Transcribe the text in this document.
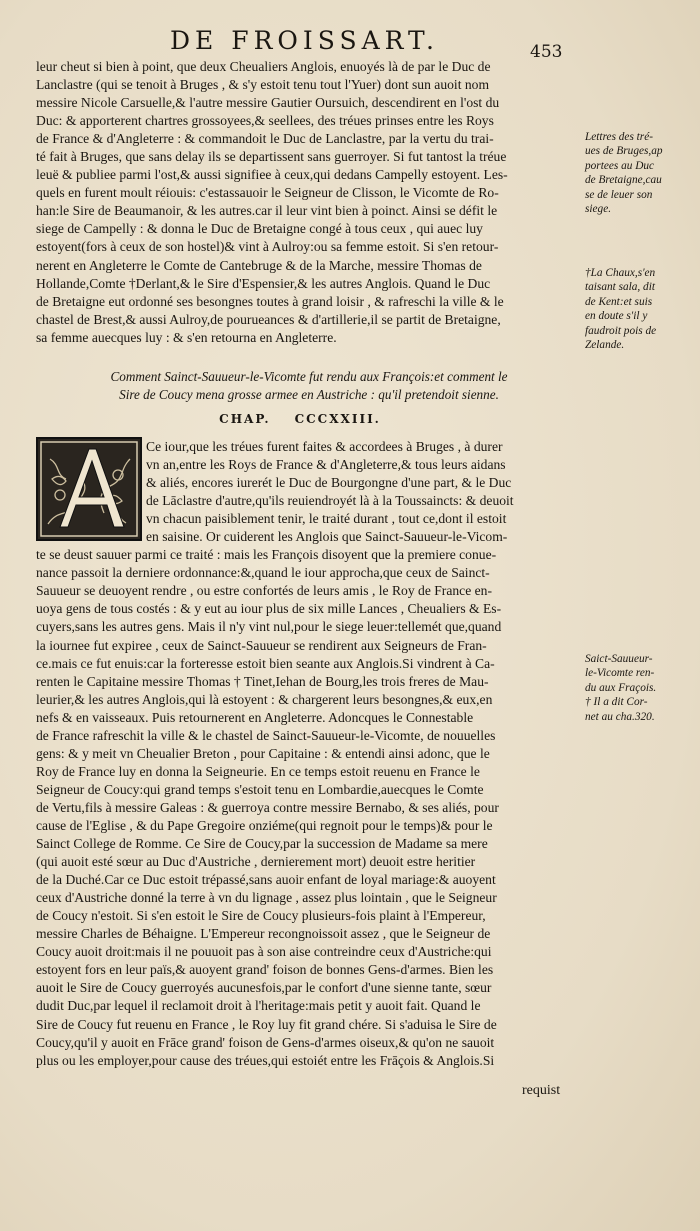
DE FROISSART.	453
leur cheut si bien à point, que deux Cheualiers Anglois, enuoyés là de par le Duc de
Lanclastre (qui se tenoit à Bruges , & s'y estoit tenu tout l'Yuer) dont sun auoit nom
messire Nicole Carsuelle,& l'autre messire Gautier Oursuich, descendirent en l'ost du
Duc: & apporterent chartres grossoyees,& seellees, des tréues prinses entre les Roys
de France & d'Angleterre : & commandoit le Duc de Lanclastre, par la vertu du trai-
té fait à Bruges, que sans delay ils se departissent sans guerroyer. Si fut tantost la tréue
leuë & publiee parmi l'ost,& aussi signifiee à ceux,qui dedans Campelly estoyent. Les-
quels en furent moult réiouis: c'estassauoir le Seigneur de Clisson, le Vicomte de Ro-
han:le Sire de Beaumanoir, & les autres.car il leur vint bien à poinct. Ainsi se défit le
siege de Campelly : & donna le Duc de Bretaigne congé à tous ceux , qui auec luy
estoyent(fors à ceux de son hostel)& vint à Aulroy:ou sa femme estoit. Si s'en retour-
nerent en Angleterre le Comte de Cantebruge & de la Marche, messire Thomas de
Hollande,Comte †Derlant,& le Sire d'Espensier,& les autres Anglois. Quand le Duc
de Bretaigne eut ordonné ses besongnes toutes à grand loisir , & rafreschi la ville & le
chastel de Brest,& aussi Aulroy,de pourueances & d'artillerie,il se partit de Bretaigne,
sa femme auecques luy : & s'en retourna en Angleterre.
Comment Sainct-Sauueur-le-Vicomte fut rendu aux François:et comment le
Sire de Coucy mena grosse armee en Austriche : qu'il pretendoit sienne.
CHAP. CCCXXIII.
Ce iour,que les tréues furent faites & accordees à Bruges , à durer
vn an,entre les Roys de France & d'Angleterre,& tous leurs aidans
& aliés, encores iurerét le Duc de Bourgongne d'une part, & le Duc
de Lāclastre d'autre,qu'ils reuiendroyét là à la Toussaincts: & deuoit
vn chacun paisiblement tenir, le traité durant , tout ce,dont il estoit
en saisine. Or cuiderent les Anglois que Sainct-Sauueur-le-Vicom-
te se deust sauuer parmi ce traité : mais les François disoyent que la premiere conue-
nance passoit la derniere ordonnance:&,quand le iour approcha,que ceux de Sainct-
Sauueur se deuoyent rendre , ou estre confortés de leurs amis , le Roy de France en-
uoya gens de tous costés : & y eut au iour plus de six mille Lances , Cheualiers & Es-
cuyers,sans les autres gens. Mais il n'y vint nul,pour le siege leuer:tellemét que,quand
la iournee fut expiree , ceux de Sainct-Sauueur se rendirent aux Seigneurs de Fran-
ce.mais ce fut enuis:car la forteresse estoit bien seante aux Anglois.Si vindrent à Ca-
renten le Capitaine messire Thomas † Tinet,Iehan de Bourg,les trois freres de Mau-
leurier,& les autres Anglois,qui là estoyent : & chargerent leurs besongnes,& eux,en
nefs & en vaisseaux. Puis retournerent en Angleterre. Adoncques le Connestable
de France rafreschit la ville & le chastel de Sainct-Sauueur-le-Vicomte, de nouuelles
gens: & y meit vn Cheualier Breton , pour Capitaine : & entendi ainsi adonc, que le
Roy de France luy en donna la Seigneurie. En ce temps estoit reuenu en France le
Seigneur de Coucy:qui grand temps s'estoit tenu en Lombardie,auecques le Comte
de Vertu,fils à messire Galeas : & guerroya contre messire Bernabo, & ses aliés, pour
cause de l'Eglise , & du Pape Gregoire onziéme(qui regnoit pour le temps)& pour le
Sainct College de Romme. Ce Sire de Coucy,par la succession de Madame sa mere
(qui auoit esté sœur au Duc d'Austriche , dernierement mort) deuoit estre heritier
de la Duché.Car ce Duc estoit trépassé,sans auoir enfant de loyal mariage:& auoyent
ceux d'Austriche donné la terre à vn du lignage , assez plus lointain , que le Seigneur
de Coucy n'estoit. Si s'en estoit le Sire de Coucy plusieurs-fois plaint à l'Empereur,
messire Charles de Béhaigne. L'Empereur recongnoissoit assez , que le Seigneur de
Coucy auoit droit:mais il ne pouuoit pas à son aise contreindre ceux d'Austriche:qui
estoyent fors en leur païs,& auoyent grand' foison de bonnes Gens-d'armes. Bien les
auoit le Sire de Coucy guerroyés aucunesfois,par le confort d'une sienne tante, sœur
dudit Duc,par lequel il reclamoit droit à l'heritage:mais petit y auoit fait. Quand le
Sire de Coucy fut reuenu en France , le Roy luy fit grand chére. Si s'aduisa le Sire de
Coucy,qu'il y auoit en Frāce grand' foison de Gens-d'armes oiseux,& qu'on ne sauoit
plus ou les employer,pour cause des tréues,qui estoiét entre les Frāçois & Anglois.Si
Lettres des tré-
ues de Bruges,ap
portees au Duc
de Bretaigne,cau
se de leuer son
siege.
†La Chaux,s'en
taisant sala, dit
de Kent:et suis
en doute s'il y
faudroit pois de
Zelande.
Saict-Sauueur-
le-Vicomte ren-
du aux Fraçois.
† Il a dit Cor-
net au cha.320.
requist
